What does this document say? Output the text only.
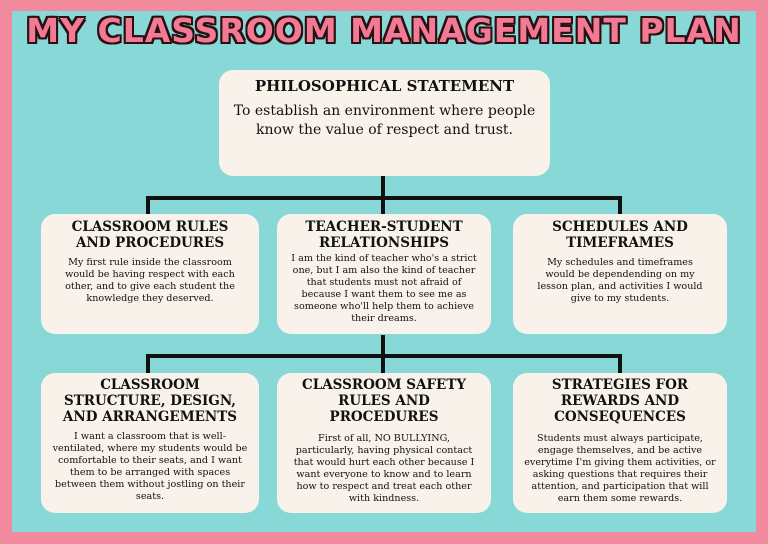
MY CLASSROOM MANAGEMENT PLAN
PHILOSOPHICAL STATEMENT

To establish an environment where people know the value of respect and trust.

CLASSROOM RULES AND PROCEDURES

My first rule inside the classroom would be having respect with each other, and to give each student the knowledge they deserved.

TEACHER-STUDENT RELATIONSHIPS

I am the kind of teacher who's a strict one, but I am also the kind of teacher that students must not afraid of because I want them to see me as someone who'll help them to achieve their dreams.

SCHEDULES AND TIMEFRAMES

My schedules and timeframes would be dependending on my lesson plan, and activities I would give to my students.

CLASSROOM STRUCTURE, DESIGN, AND ARRANGEMENTS

I want a classroom that is well-ventilated, where my students would be comfortable to their seats, and I want them to be arranged with spaces between them without jostling on their seats.

CLASSROOM SAFETY RULES AND PROCEDURES

First of all, NO BULLYING, particularly, having physical contact that would hurt each other because I want everyone to know and to learn how to respect and treat each other with kindness.

STRATEGIES FOR REWARDS AND CONSEQUENCES

Students must always participate, engage themselves, and be active everytime I'm giving them activities, or asking questions that requires their attention, and participation that will earn them some rewards.
